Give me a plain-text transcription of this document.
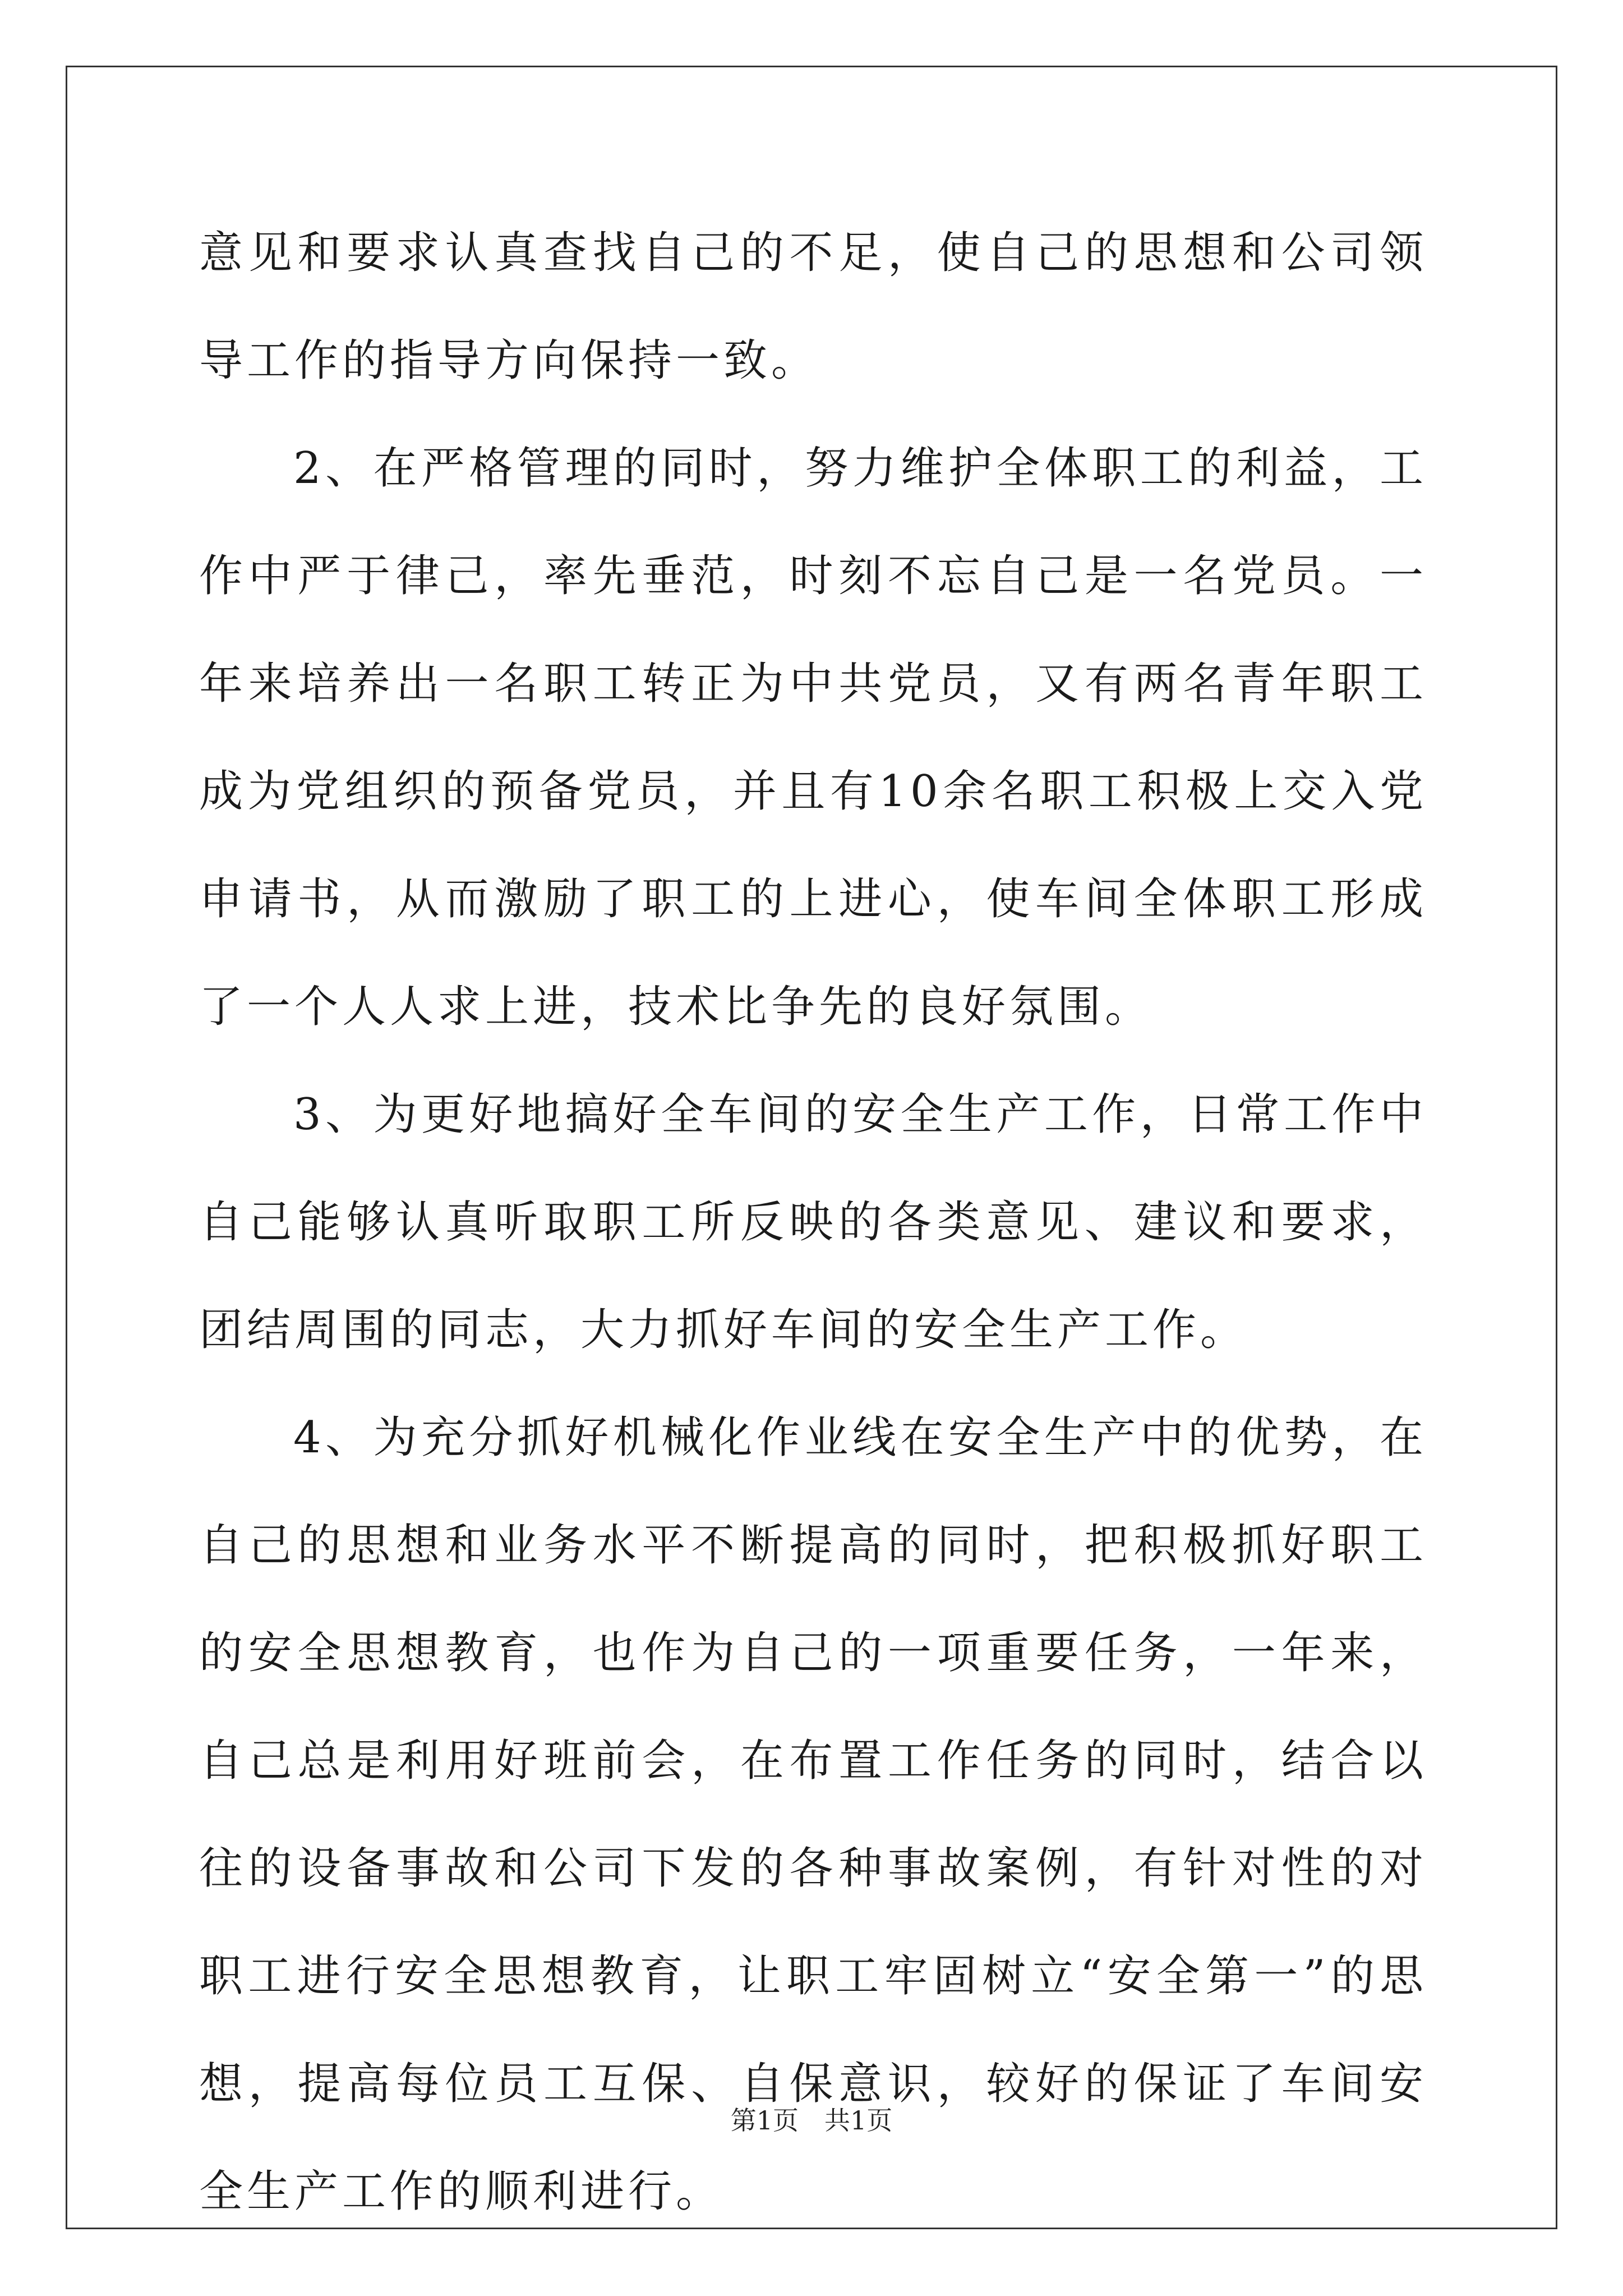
意见和要求认真查找自己的不足，使自己的思想和公司领导工作的指导方向保持一致。

2、在严格管理的同时，努力维护全体职工的利益，工作中严于律己，率先垂范，时刻不忘自己是一名党员。一年来培养出一名职工转正为中共党员，又有两名青年职工成为党组织的预备党员，并且有10余名职工积极上交入党申请书，从而激励了职工的上进心，使车间全体职工形成了一个人人求上进，技术比争先的良好氛围。

3、为更好地搞好全车间的安全生产工作，日常工作中自己能够认真听取职工所反映的各类意见、建议和要求，团结周围的同志，大力抓好车间的安全生产工作。

4、为充分抓好机械化作业线在安全生产中的优势，在自己的思想和业务水平不断提高的同时，把积极抓好职工的安全思想教育，也作为自己的一项重要任务，一年来，自己总是利用好班前会，在布置工作任务的同时，结合以往的设备事故和公司下发的各种事故案例，有针对性的对职工进行安全思想教育，让职工牢固树立“安全第一”的思想，提高每位员工互保、自保意识，较好的保证了车间安全生产工作的顺利进行。

第1页 共1页
